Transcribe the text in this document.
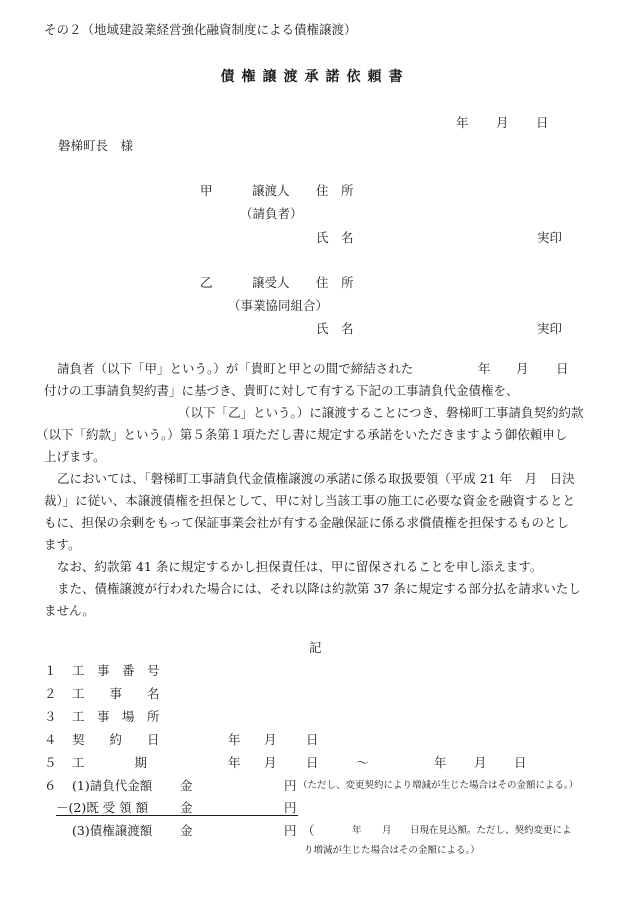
その２（地域建設業経営強化融資制度による債権譲渡）
債権譲渡承諾依頼書
年 月 日
磐梯町長　様
甲	譲渡人 住　所
（請負者）
氏　名	実印
乙	譲受人 住　所
（事業協同組合）
氏　名	実印
請負者（以下「甲」という。）が「貴町と甲との間で締結された	年 月 日
付けの工事請負契約書」に基づき、貴町に対して有する下記の工事請負代金債権を、
（以下「乙」という。）に譲渡することにつき、磐梯町工事請負契約約款
（以下「約款」という。）第５条第１項ただし書に規定する承諾をいただきますよう御依頼申し
上げます。
乙においては、「磐梯町工事請負代金債権譲渡の承諾に係る取扱要領（平成 21 年　月　日決
裁）」に従い、本譲渡債権を担保として、甲に対し当該工事の施工に必要な資金を融資するとと
もに、担保の余剰をもって保証事業会社が有する金融保証に係る求償債権を担保するものとし
ます。
なお、約款第 41 条に規定するかし担保責任は、甲に留保されることを申し添えます。
また、債権譲渡が行われた場合には、それ以降は約款第 37 条に規定する部分払を請求いたし
ません。
記
１ 工　事　番　号
２ 工　　事　　名
３ 工　事　場　所
４ 契　　約　　日	年 月 日
５ 工　　　　期	年 月 日	～	年 月 日
６ (1)請負代金額 金	円 （ただし、変更契約により増減が生じた場合はその金額による。）
－(2)既 受 領 額	金	円
(3)債権譲渡額 金	円 （	年 月 日現在見込額。ただし、契約変更によ
り増減が生じた場合はその金額による。）
